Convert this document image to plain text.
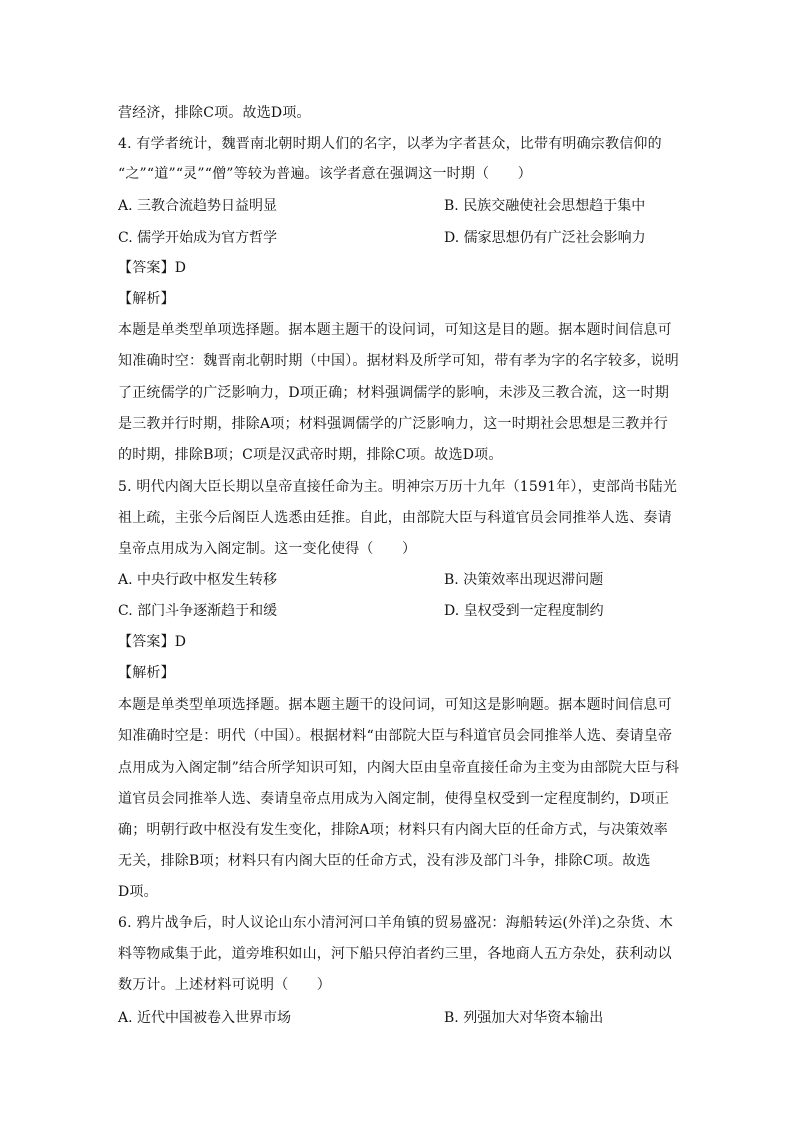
营经济，排除C项。故选D项。
4. 有学者统计，魏晋南北朝时期人们的名字，以孝为字者甚众，比带有明确宗教信仰的
“之”“道”“灵”“僧”等较为普遍。该学者意在强调这一时期（　　）
A. 三教合流趋势日益明显	B. 民族交融使社会思想趋于集中
C. 儒学开始成为官方哲学	D. 儒家思想仍有广泛社会影响力
【答案】D
【解析】
本题是单类型单项选择题。据本题主题干的设问词，可知这是目的题。据本题时间信息可
知准确时空：魏晋南北朝时期（中国）。据材料及所学可知，带有孝为字的名字较多，说明
了正统儒学的广泛影响力，D项正确；材料强调儒学的影响，未涉及三教合流，这一时期
是三教并行时期，排除A项；材料强调儒学的广泛影响力，这一时期社会思想是三教并行
的时期，排除B项；C项是汉武帝时期，排除C项。故选D项。
5. 明代内阁大臣长期以皇帝直接任命为主。明神宗万历十九年（1591年），吏部尚书陆光
祖上疏，主张今后阁臣人选悉由廷推。自此，由部院大臣与科道官员会同推举人选、奏请
皇帝点用成为入阁定制。这一变化使得（　　）
A. 中央行政中枢发生转移	B. 决策效率出现迟滞问题
C. 部门斗争逐渐趋于和缓	D. 皇权受到一定程度制约
【答案】D
【解析】
本题是单类型单项选择题。据本题主题干的设问词，可知这是影响题。据本题时间信息可
知准确时空是：明代（中国）。根据材料“由部院大臣与科道官员会同推举人选、奏请皇帝
点用成为入阁定制”结合所学知识可知，内阁大臣由皇帝直接任命为主变为由部院大臣与科
道官员会同推举人选、奏请皇帝点用成为入阁定制，使得皇权受到一定程度制约，D项正
确；明朝行政中枢没有发生变化，排除A项；材料只有内阁大臣的任命方式，与决策效率
无关，排除B项；材料只有内阁大臣的任命方式，没有涉及部门斗争，排除C项。故选
D项。
6. 鸦片战争后，时人议论山东小清河河口羊角镇的贸易盛况：海船转运(外洋)之杂货、木
料等物咸集于此，道旁堆积如山，河下船只停泊者约三里，各地商人五方杂处，获利动以
数万计。上述材料可说明（　　）
A. 近代中国被卷入世界市场	B. 列强加大对华资本输出
